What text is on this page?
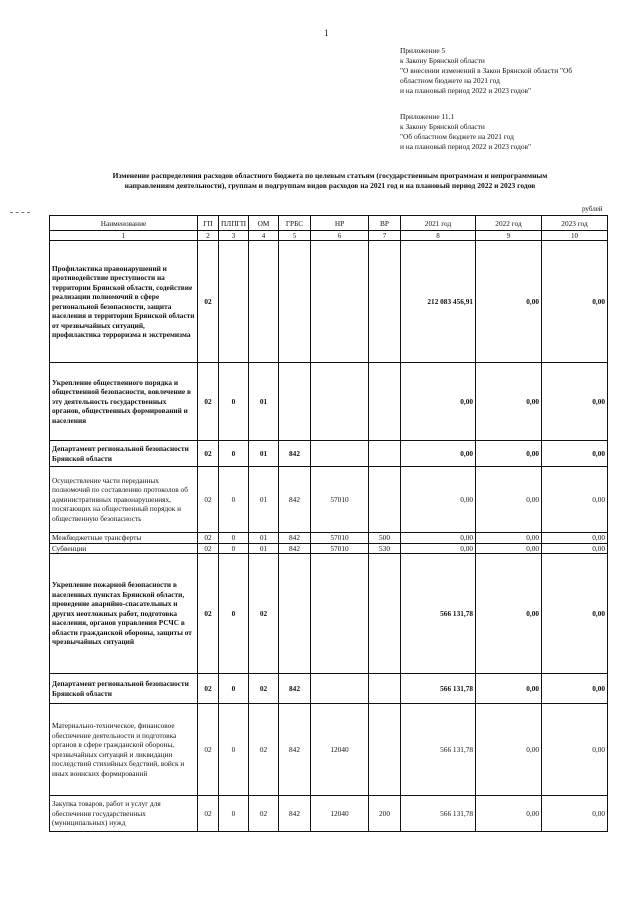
1
Приложение 5
к Закону Брянской области
"О внесении изменений в Закон Брянской области "Об
областном бюджете на 2021 год
и на плановый период 2022 и 2023 годов"
Приложение 11.1
к Закону Брянской области
"Об областном бюджете на 2021 год
и на плановый период 2022 и 2023 годов"
Изменение распределения расходов областного бюджета по целевым статьям (государственным программам и непрограммным
направлениям деятельности), группам и подгруппам видов расходов на 2021 год и на плановый период 2022 и 2023 годов
рублей
Наименование	ГП	ПЛПГП	ОМ	ГРБС	НР	ВР	2021 год	2022 год	2023 год
1	2	3	4	5	6	7	8	9	10
Профилактика правонарушений и противодействие преступности на территории Брянской области, содействие реализации полномочий в сфере региональной безопасности, защита населения и территории Брянской области от чрезвычайных ситуаций, профилактика терроризма и экстремизма	02						212 083 456,91	0,00	0,00
Укрепление общественного порядка и общественной безопасности, вовлечение в эту деятельность государственных органов, общественных формирований и населения	02	0	01				0,00	0,00	0,00
Департамент региональной безопасности Брянской области	02	0	01	842			0,00	0,00	0,00
Осуществление части переданных полномочий по составлению протоколов об административных правонарушениях, посягающих на общественный порядок и общественную безопасность	02	0	01	842	57010		0,00	0,00	0,00
Межбюджетные трансферты	02	0	01	842	57010	500	0,00	0,00	0,00
Субвенции	02	0	01	842	57010	530	0,00	0,00	0,00
Укрепление пожарной безопасности в населенных пунктах Брянской области, проведение аварийно-спасательных и других неотложных работ, подготовка населения, органов управления РСЧС в области гражданской обороны, защиты от чрезвычайных ситуаций	02	0	02				566 131,78	0,00	0,00
Департамент региональной безопасности Брянской области	02	0	02	842			566 131,78	0,00	0,00
Материально-техническое, финансовое обеспечение деятельности и подготовка органов в сфере гражданской обороны, чрезвычайных ситуаций и ликвидации последствий стихийных бедствий, войск и иных воинских формирований	02	0	02	842	12040		566 131,78	0,00	0,00
Закупка товаров, работ и услуг для обеспечения государственных (муниципальных) нужд	02	0	02	842	12040	200	566 131,78	0,00	0,00
